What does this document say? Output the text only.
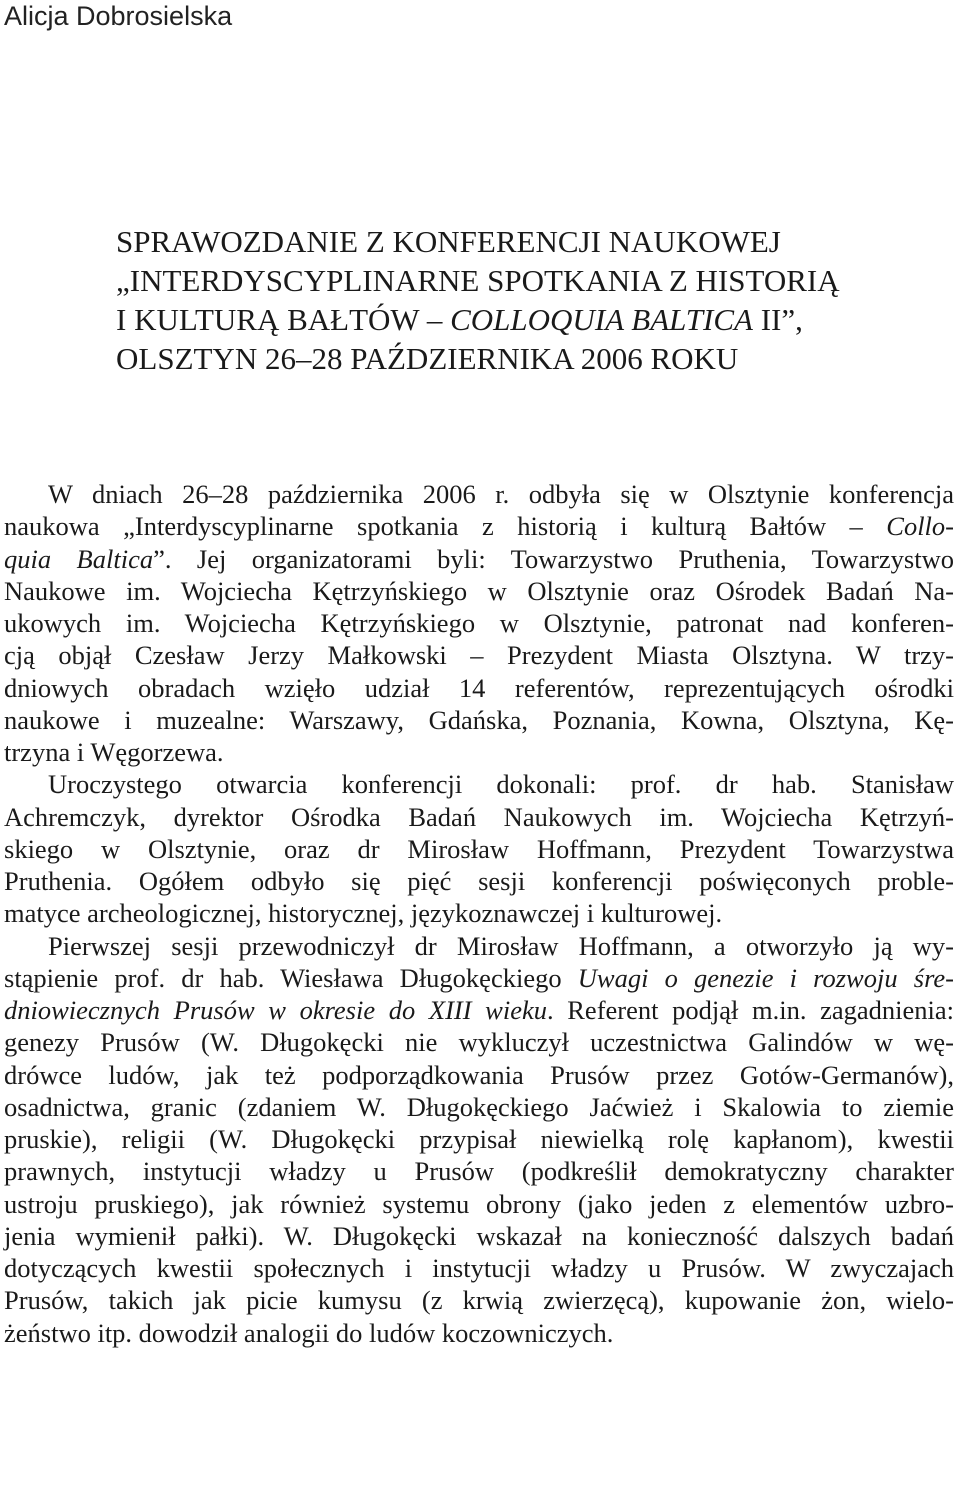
Alicja Dobrosielska

SPRAWOZDANIE Z KONFERENCJI NAUKOWEJ
„INTERDYSCYPLINARNE SPOTKANIA Z HISTORIĄ
I KULTURĄ BAŁTÓW – COLLOQUIA BALTICA II”,
OLSZTYN 26–28 PAŹDZIERNIKA 2006 ROKU
W dniach 26–28 października 2006 r. odbyła się w Olsztynie konferencja
naukowa „Interdyscyplinarne spotkania z historią i kulturą Bałtów – Collo-
quia Baltica”. Jej organizatorami byli: Towarzystwo Pruthenia, Towarzystwo
Naukowe im. Wojciecha Kętrzyńskiego w Olsztynie oraz Ośrodek Badań Na-
ukowych im. Wojciecha Kętrzyńskiego w Olsztynie, patronat nad konferen-
cją objął Czesław Jerzy Małkowski – Prezydent Miasta Olsztyna. W trzy-
dniowych obradach wzięło udział 14 referentów, reprezentujących ośrodki
naukowe i muzealne: Warszawy, Gdańska, Poznania, Kowna, Olsztyna, Kę-
trzyna i Węgorzewa.
Uroczystego otwarcia konferencji dokonali: prof. dr hab. Stanisław
Achremczyk, dyrektor Ośrodka Badań Naukowych im. Wojciecha Kętrzyń-
skiego w Olsztynie, oraz dr Mirosław Hoffmann, Prezydent Towarzystwa
Pruthenia. Ogółem odbyło się pięć sesji konferencji poświęconych proble-
matyce archeologicznej, historycznej, językoznawczej i kulturowej.
Pierwszej sesji przewodniczył dr Mirosław Hoffmann, a otworzyło ją wy-
stąpienie prof. dr hab. Wiesława Długokęckiego Uwagi o genezie i rozwoju śre-
dniowiecznych Prusów w okresie do XIII wieku. Referent podjął m.in. zagadnienia:
genezy Prusów (W. Długokęcki nie wykluczył uczestnictwa Galindów w wę-
drówce ludów, jak też podporządkowania Prusów przez Gotów-Germanów),
osadnictwa, granic (zdaniem W. Długokęckiego Jaćwież i Skalowia to ziemie
pruskie), religii (W. Długokęcki przypisał niewielką rolę kapłanom), kwestii
prawnych, instytucji władzy u Prusów (podkreślił demokratyczny charakter
ustroju pruskiego), jak również systemu obrony (jako jeden z elementów uzbro-
jenia wymienił pałki). W. Długokęcki wskazał na konieczność dalszych badań
dotyczących kwestii społecznych i instytucji władzy u Prusów. W zwyczajach
Prusów, takich jak picie kumysu (z krwią zwierzęcą), kupowanie żon, wielo-
żeństwo itp. dowodził analogii do ludów koczowniczych.
